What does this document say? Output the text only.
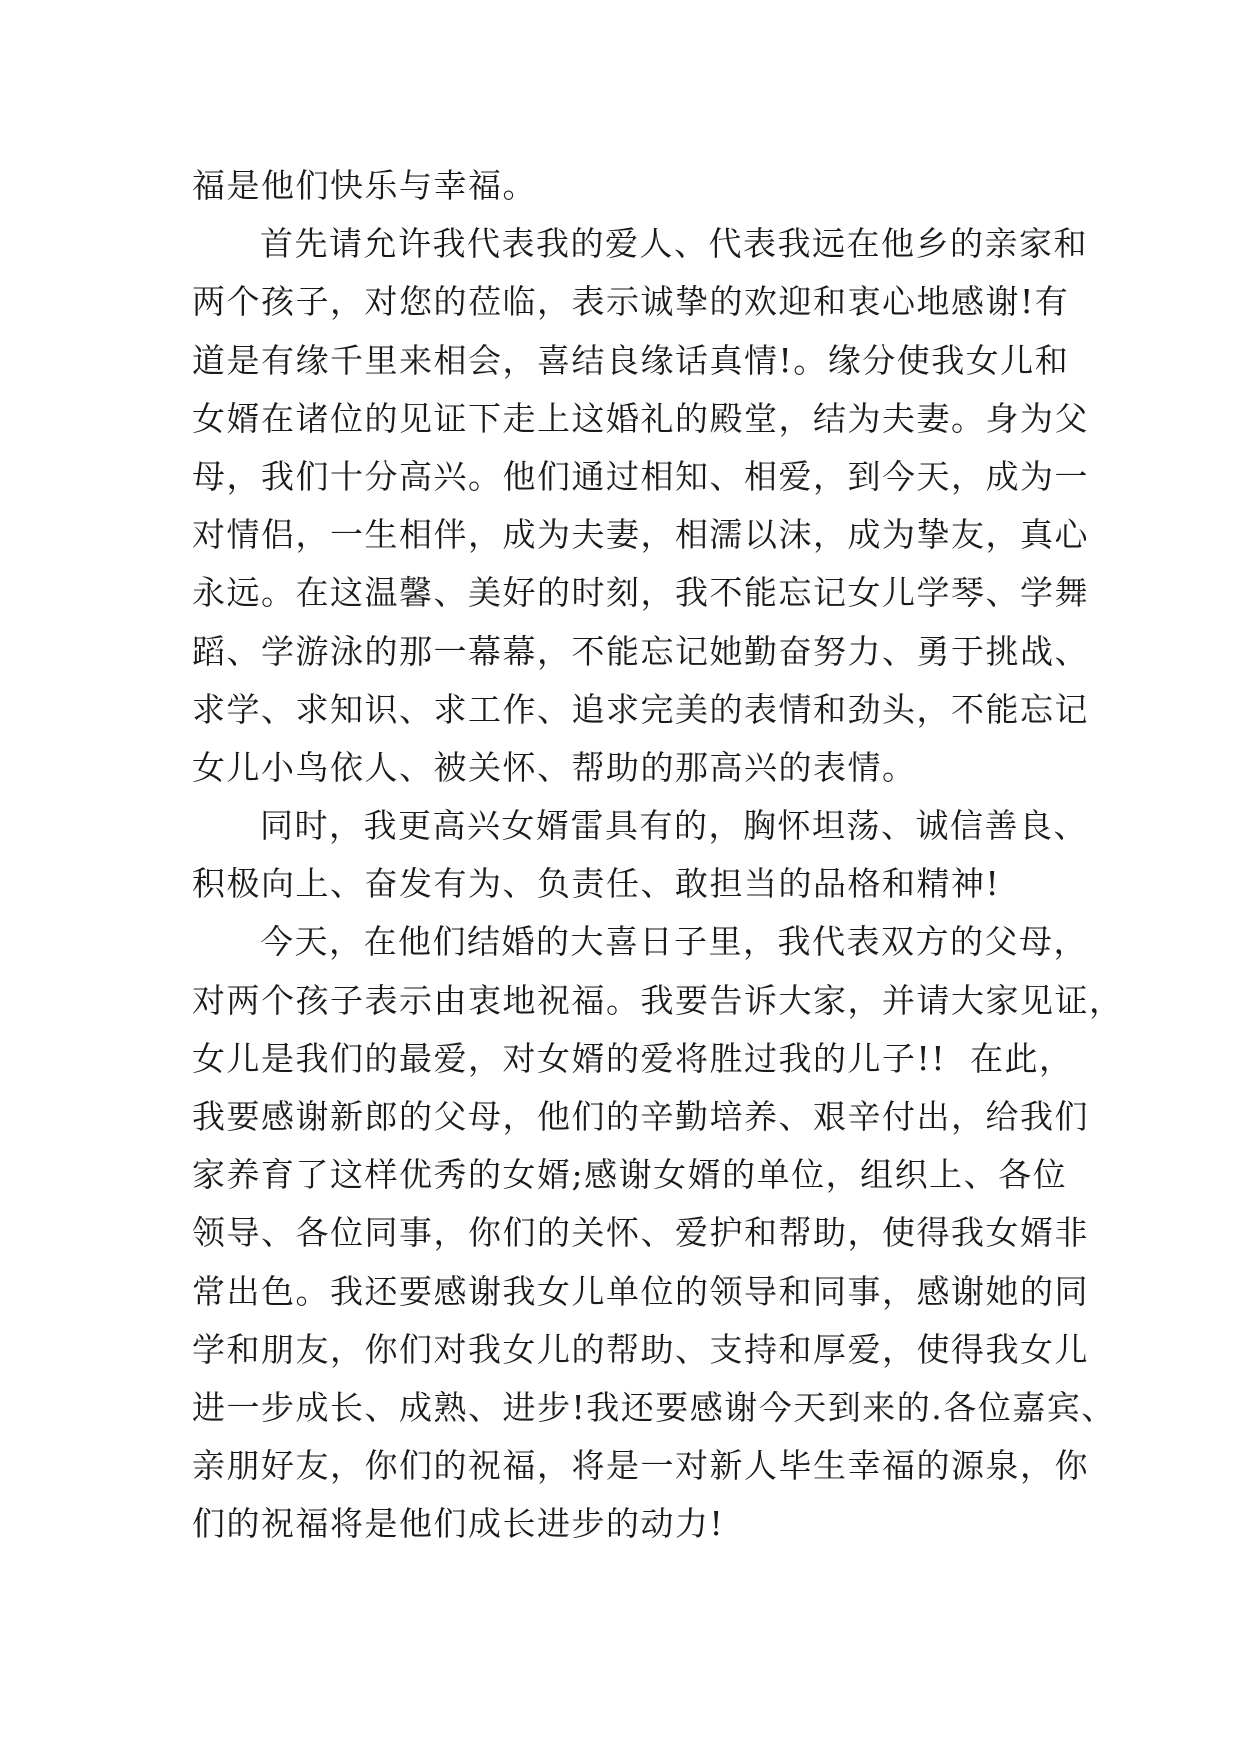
福是他们快乐与幸福。
首先请允许我代表我的爱人、代表我远在他乡的亲家和
两个孩子，对您的莅临，表示诚挚的欢迎和衷心地感谢!有
道是有缘千里来相会，喜结良缘话真情!。缘分使我女儿和
女婿在诸位的见证下走上这婚礼的殿堂，结为夫妻。身为父
母，我们十分高兴。他们通过相知、相爱，到今天，成为一
对情侣，一生相伴，成为夫妻，相濡以沫，成为挚友，真心
永远。在这温馨、美好的时刻，我不能忘记女儿学琴、学舞
蹈、学游泳的那一幕幕，不能忘记她勤奋努力、勇于挑战、
求学、求知识、求工作、追求完美的表情和劲头，不能忘记
女儿小鸟依人、被关怀、帮助的那高兴的表情。
同时，我更高兴女婿雷具有的，胸怀坦荡、诚信善良、
积极向上、奋发有为、负责任、敢担当的品格和精神!
今天，在他们结婚的大喜日子里，我代表双方的父母，
对两个孩子表示由衷地祝福。我要告诉大家，并请大家见证，
女儿是我们的最爱，对女婿的爱将胜过我的儿子!!  在此，
我要感谢新郎的父母，他们的辛勤培养、艰辛付出，给我们
家养育了这样优秀的女婿;感谢女婿的单位，组织上、各位
领导、各位同事，你们的关怀、爱护和帮助，使得我女婿非
常出色。我还要感谢我女儿单位的领导和同事，感谢她的同
学和朋友，你们对我女儿的帮助、支持和厚爱，使得我女儿
进一步成长、成熟、进步!我还要感谢今天到来的.各位嘉宾、
亲朋好友，你们的祝福，将是一对新人毕生幸福的源泉，你
们的祝福将是他们成长进步的动力!
